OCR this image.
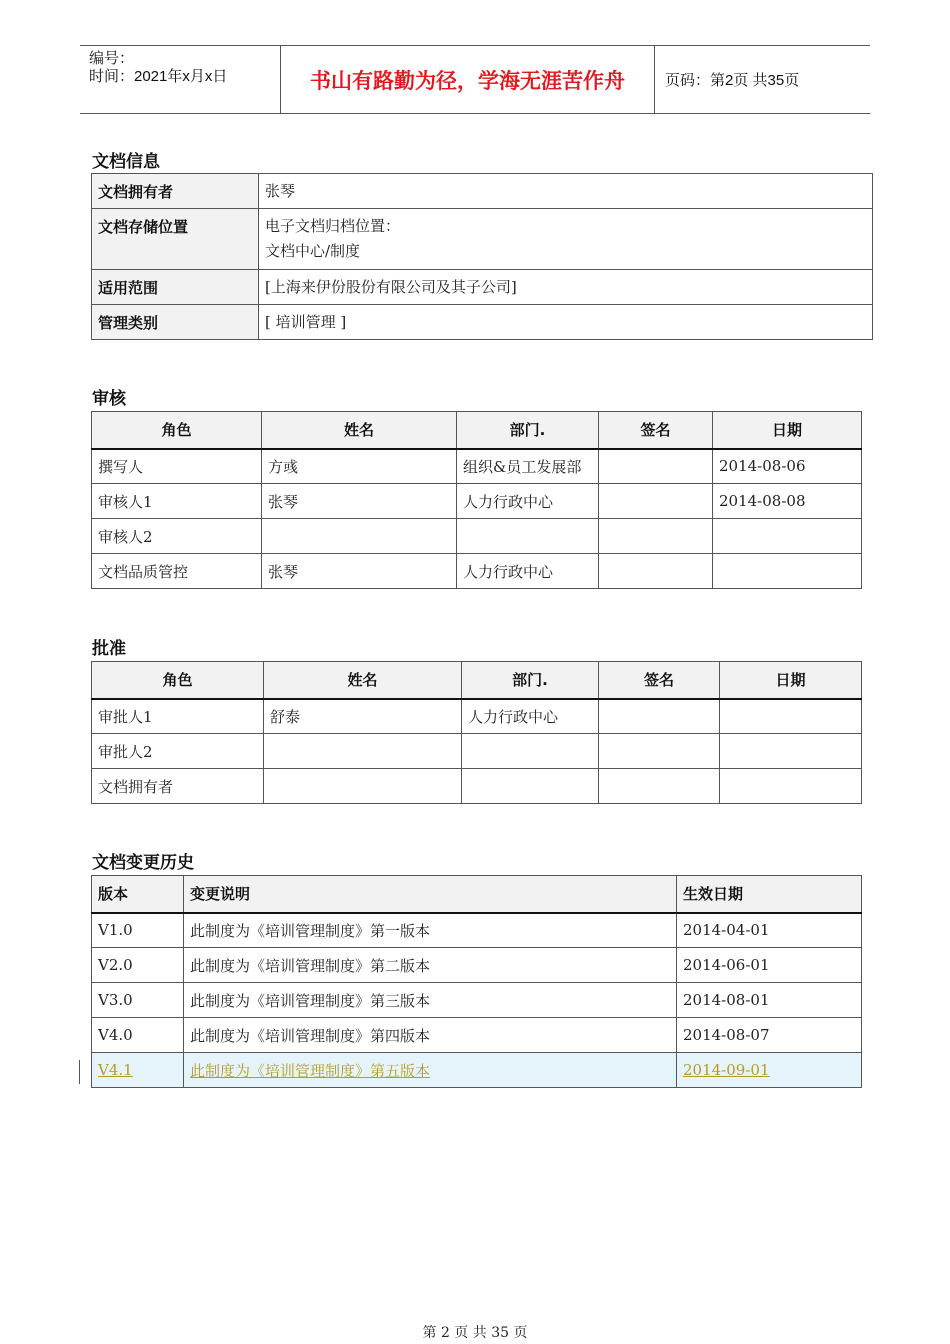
编号：
时间：2021年x月x日	书山有路勤为径，学海无涯苦作舟	页码：第2页 共35页
文档信息
文档拥有者	张琴
文档存储位置	电子文档归档位置：
文档中心/制度

适用范围	[上海来伊份股份有限公司及其子公司]
管理类别	[ 培训管理 ]
审核
角色	姓名	部门.	签名	日期
撰写人	方彧	组织&员工发展部		2014-08-06
审核人1	张琴	人力行政中心		2014-08-08
审核人2				
文档品质管控	张琴	人力行政中心		
批准
角色	姓名	部门.	签名	日期
审批人1	舒泰	人力行政中心		
审批人2				
文档拥有者				
文档变更历史
版本	变更说明	生效日期
V1.0	此制度为《培训管理制度》第一版本	2014-04-01
V2.0	此制度为《培训管理制度》第二版本	2014-06-01
V3.0	此制度为《培训管理制度》第三版本	2014-08-01
V4.0	此制度为《培训管理制度》第四版本	2014-08-07
V4.1	此制度为《培训管理制度》第五版本	2014-09-01
第 2 页 共 35 页
